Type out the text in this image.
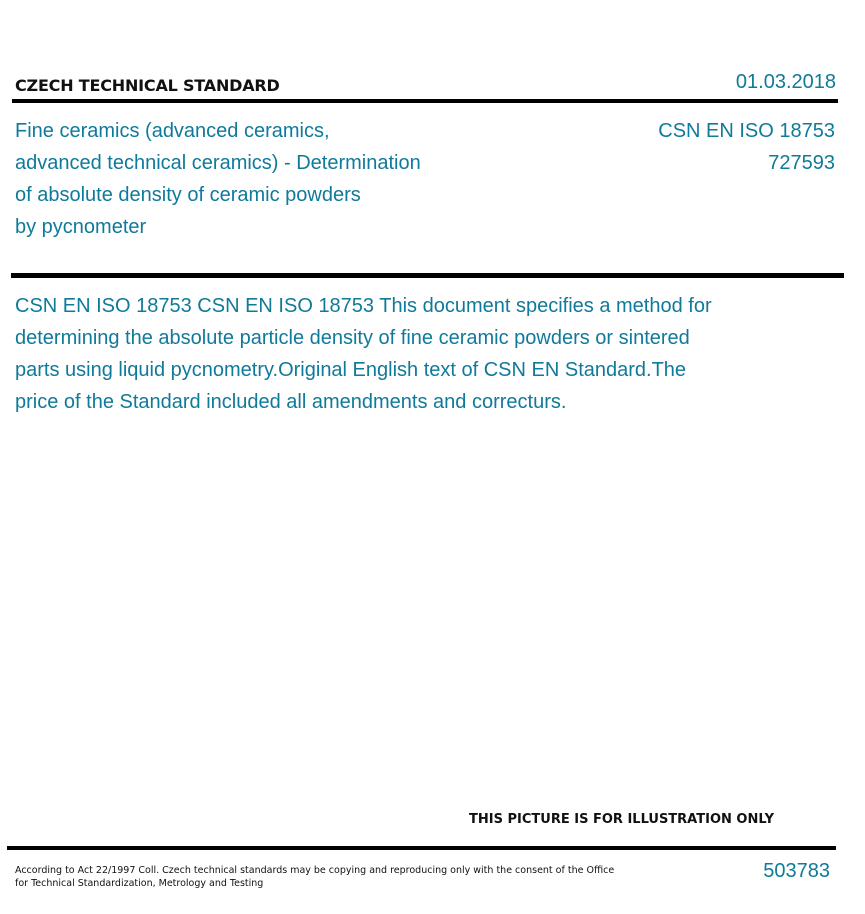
CZECH TECHNICAL STANDARD	01.03.2018
Fine ceramics (advanced ceramics,
advanced technical ceramics) - Determination
of absolute density of ceramic powders
by pycnometer
CSN EN ISO 18753
727593
CSN EN ISO 18753 CSN EN ISO 18753 This document specifies a method for
determining the absolute particle density of fine ceramic powders or sintered
parts using liquid pycnometry.Original English text of CSN EN Standard.The
price of the Standard included all amendments and correcturs.
THIS PICTURE IS FOR ILLUSTRATION ONLY
According to Act 22/1997 Coll. Czech technical standards may be copying and reproducing only with the consent of the Office
for Technical Standardization, Metrology and Testing
503783
